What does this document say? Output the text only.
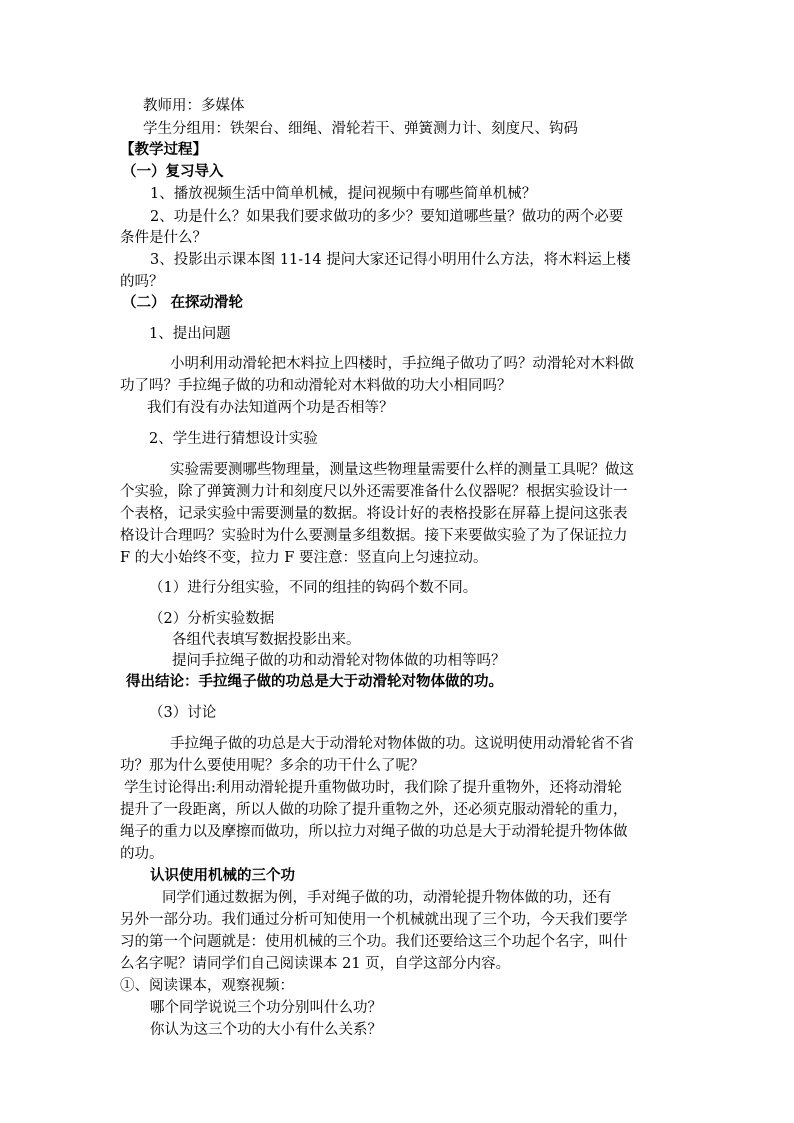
教师用：多媒体
学生分组用：铁架台、细绳、滑轮若干、弹簧测力计、刻度尺、钩码
【教学过程】
（一）复习导入
1、播放视频生活中简单机械，提问视频中有哪些简单机械？
2、功是什么？如果我们要求做功的多少？要知道哪些量？做功的两个必要
条件是什么？
3、投影出示课本图 11-14 提问大家还记得小明用什么方法，将木料运上楼
的吗？
（二） 在探动滑轮
1、提出问题
小明利用动滑轮把木料拉上四楼时，手拉绳子做功了吗？动滑轮对木料做
功了吗？手拉绳子做的功和动滑轮对木料做的功大小相同吗？
我们有没有办法知道两个功是否相等？
2、学生进行猜想设计实验
实验需要测哪些物理量，测量这些物理量需要什么样的测量工具呢？做这
个实验，除了弹簧测力计和刻度尺以外还需要准备什么仪器呢？根据实验设计一
个表格，记录实验中需要测量的数据。将设计好的表格投影在屏幕上提问这张表
格设计合理吗？实验时为什么要测量多组数据。接下来要做实验了为了保证拉力
F 的大小始终不变，拉力 F 要注意：竖直向上匀速拉动。
（1）进行分组实验，不同的组挂的钩码个数不同。
（2）分析实验数据
各组代表填写数据投影出来。
提问手拉绳子做的功和动滑轮对物体做的功相等吗？
得出结论：手拉绳子做的功总是大于动滑轮对物体做的功。
（3）讨论
手拉绳子做的功总是大于动滑轮对物体做的功。这说明使用动滑轮省不省
功？那为什么要使用呢？多余的功干什么了呢？
学生讨论得出:利用动滑轮提升重物做功时，我们除了提升重物外，还将动滑轮
提升了一段距离，所以人做的功除了提升重物之外，还必须克服动滑轮的重力，
绳子的重力以及摩擦而做功，所以拉力对绳子做的功总是大于动滑轮提升物体做
的功。
认识使用机械的三个功
同学们通过数据为例，手对绳子做的功，动滑轮提升物体做的功，还有
另外一部分功。我们通过分析可知使用一个机械就出现了三个功，今天我们要学
习的第一个问题就是：使用机械的三个功。我们还要给这三个功起个名字，叫什
么名字呢？请同学们自己阅读课本 21 页，自学这部分内容。
①、阅读课本，观察视频：
哪个同学说说三个功分别叫什么功？
你认为这三个功的大小有什么关系？
